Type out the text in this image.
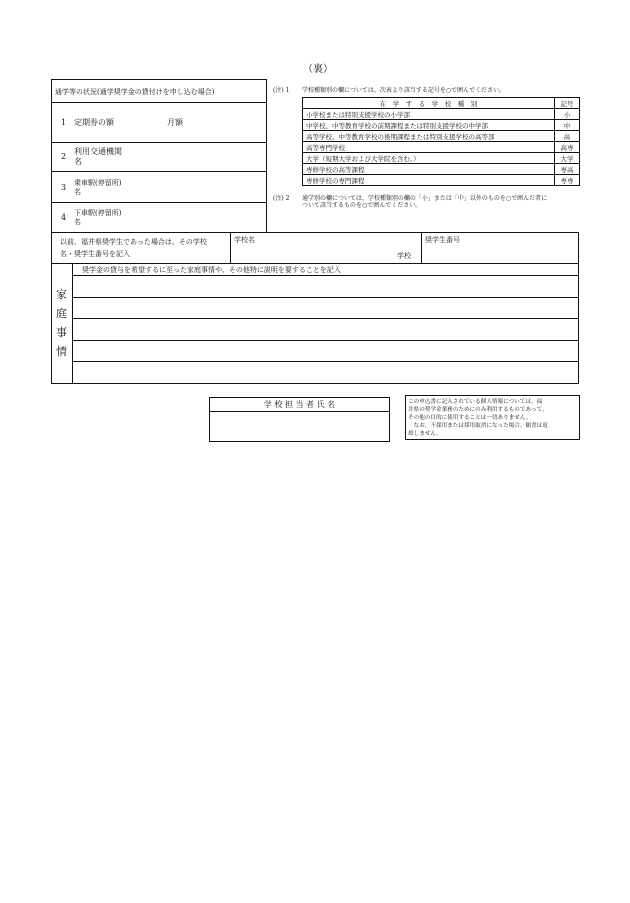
（裏）
通学等の状況(通学奨学金の貸付けを申し込む場合)
1 定期券の額	月額
2
利用交通機関
名
3 乗車駅(停留所)
名
4 下車駅(停留所)
名
(注) 1 学校種類別の欄については、次表より該当する記号を○で囲んでください。
在　学　す　る　学　校　種　別	記号
小学校または特別支援学校の小学部	小
中学校、中等教育学校の前期課程または特別支援学校の中学部	中
高等学校、中等教育学校の後期課程または特別支援学校の高等部	高
高等専門学校	高専
大学（短期大学および大学院を含む。）	大学
専修学校の高等課程	専高
専修学校の専門課程	専専
(注) 2 通学別の欄については、学校種類別の欄の「小」または「中」以外のものを○で囲んだ者に
ついて該当するものを○で囲んでください。
以前、福井県奨学生であった場合は、その学校
名・奨学生番号を記入
学校名
学校
奨学生番号
家
庭
事
情
奨学金の貸与を希望するに至った家庭事情や、その他特に説明を要することを記入
学 校 担 当 者 氏 名	この申込書に記入されている個人情報については、福
井県の奨学金業務のためにのみ利用するものであって、
その他の目的に使用することは一切ありません。
　なお、不採用または採用取消になった場合、願書は返
却しません。
